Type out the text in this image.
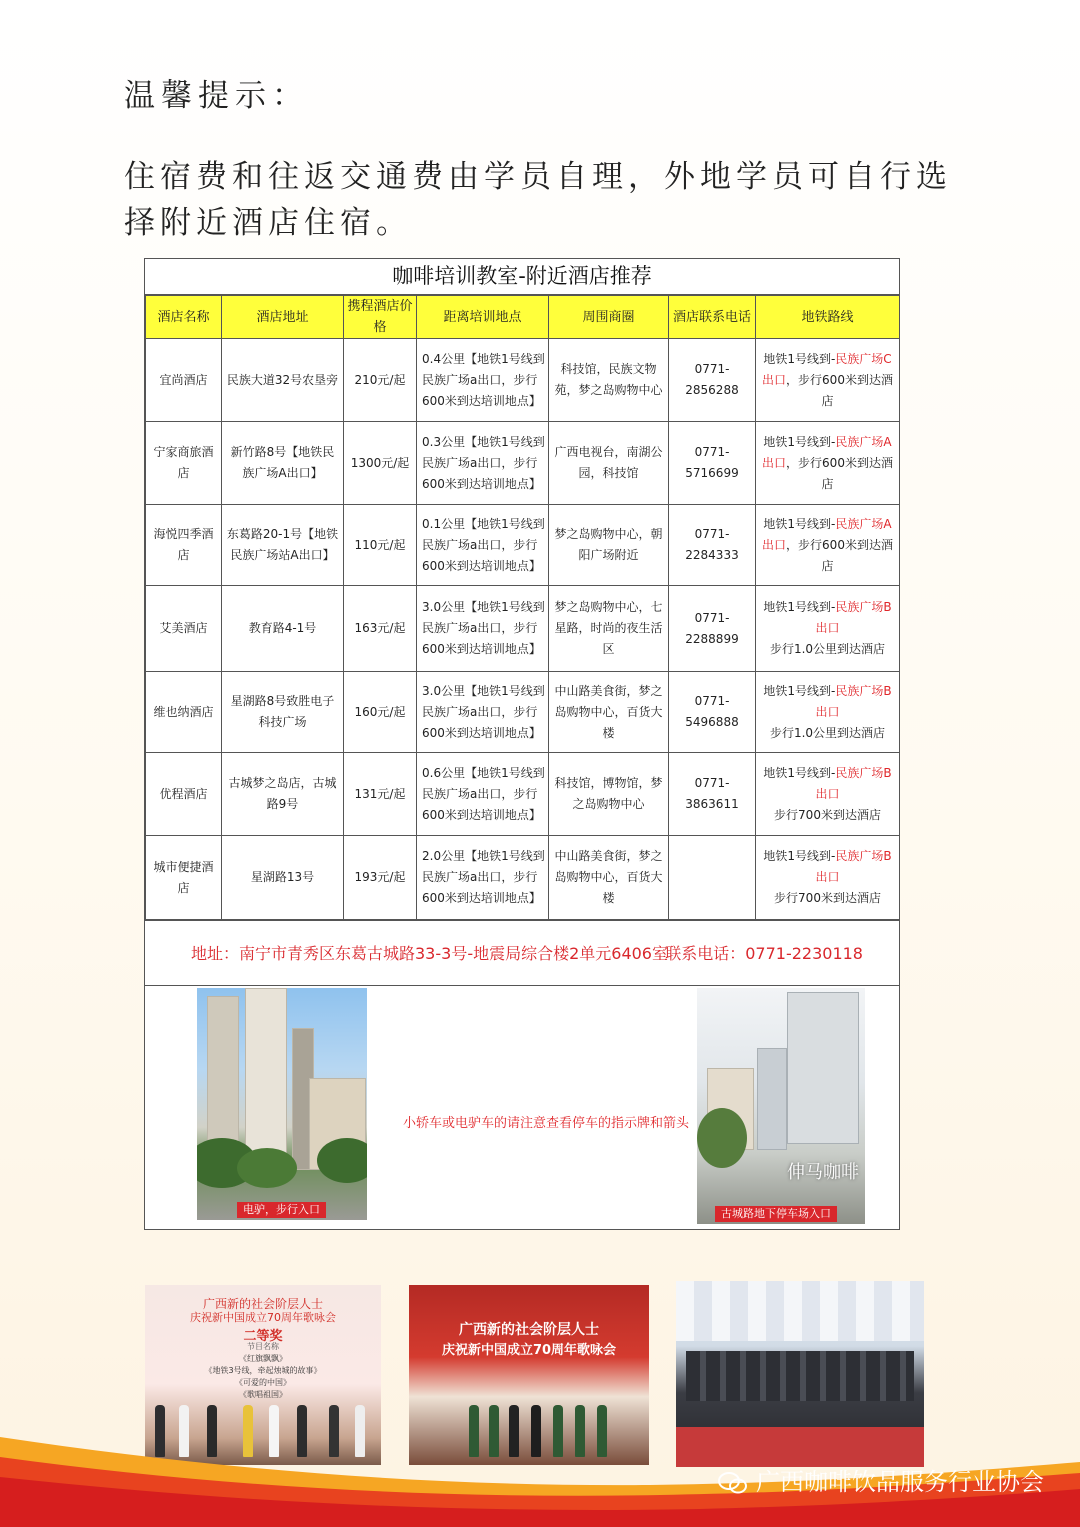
温馨提示：
住宿费和往返交通费由学员自理，外地学员可自行选择附近酒店住宿。
咖啡培训教室-附近酒店推荐
酒店名称	酒店地址	携程酒店价格	距离培训地点	周围商圈	酒店联系电话	地铁路线
宜尚酒店	民族大道32号农垦旁	210元/起	0.4公里【地铁1号线到民族广场a出口，步行600米到达培训地点】	科技馆，民族文物苑，梦之岛购物中心	0771-2856288	地铁1号线到-民族广场C出口，步行600米到达酒店
宁家商旅酒店	新竹路8号【地铁民族广场A出口】	1300元/起	0.3公里【地铁1号线到民族广场a出口，步行600米到达培训地点】	广西电视台，南湖公园，科技馆	0771-5716699	地铁1号线到-民族广场A出口，步行600米到达酒店
海悦四季酒店	东葛路20-1号【地铁民族广场站A出口】	110元/起	0.1公里【地铁1号线到民族广场a出口，步行600米到达培训地点】	梦之岛购物中心，朝阳广场附近	0771-2284333	地铁1号线到-民族广场A出口，步行600米到达酒店
艾美酒店	教育路4-1号	163元/起	3.0公里【地铁1号线到民族广场a出口，步行600米到达培训地点】	梦之岛购物中心，七星路，时尚的夜生活区	0771-2288899	地铁1号线到-民族广场B出口
步行1.0公里到达酒店
维也纳酒店	星湖路8号致胜电子科技广场	160元/起	3.0公里【地铁1号线到民族广场a出口，步行600米到达培训地点】	中山路美食街，梦之岛购物中心，百货大楼	0771-5496888	地铁1号线到-民族广场B出口
步行1.0公里到达酒店
优程酒店	古城梦之岛店，古城路9号	131元/起	0.6公里【地铁1号线到民族广场a出口，步行600米到达培训地点】	科技馆，博物馆，梦之岛购物中心	0771-3863611	地铁1号线到-民族广场B出口
步行700米到达酒店
城市便捷酒店	星湖路13号	193元/起	2.0公里【地铁1号线到民族广场a出口，步行600米到达培训地点】	中山路美食街，梦之岛购物中心，百货大楼		地铁1号线到-民族广场B出口
步行700米到达酒店
地址：南宁市青秀区东葛古城路33-3号-地震局综合楼2单元6406室
联系电话：0771-2230118
电驴，步行入口
小轿车或电驴车的请注意查看停车的指示牌和箭头
伸马咖啡
古城路地下停车场入口
广西新的社会阶层人士
庆祝新中国成立70周年歌咏会
二等奖
节目名称
《红旗飘飘》
《地铁3号线，牵起烛城的故事》
《可爱的中国》
《歌唱祖国》
广西新的社会阶层人士
庆祝新中国成立70周年歌咏会
广西咖啡饮品服务行业协会
